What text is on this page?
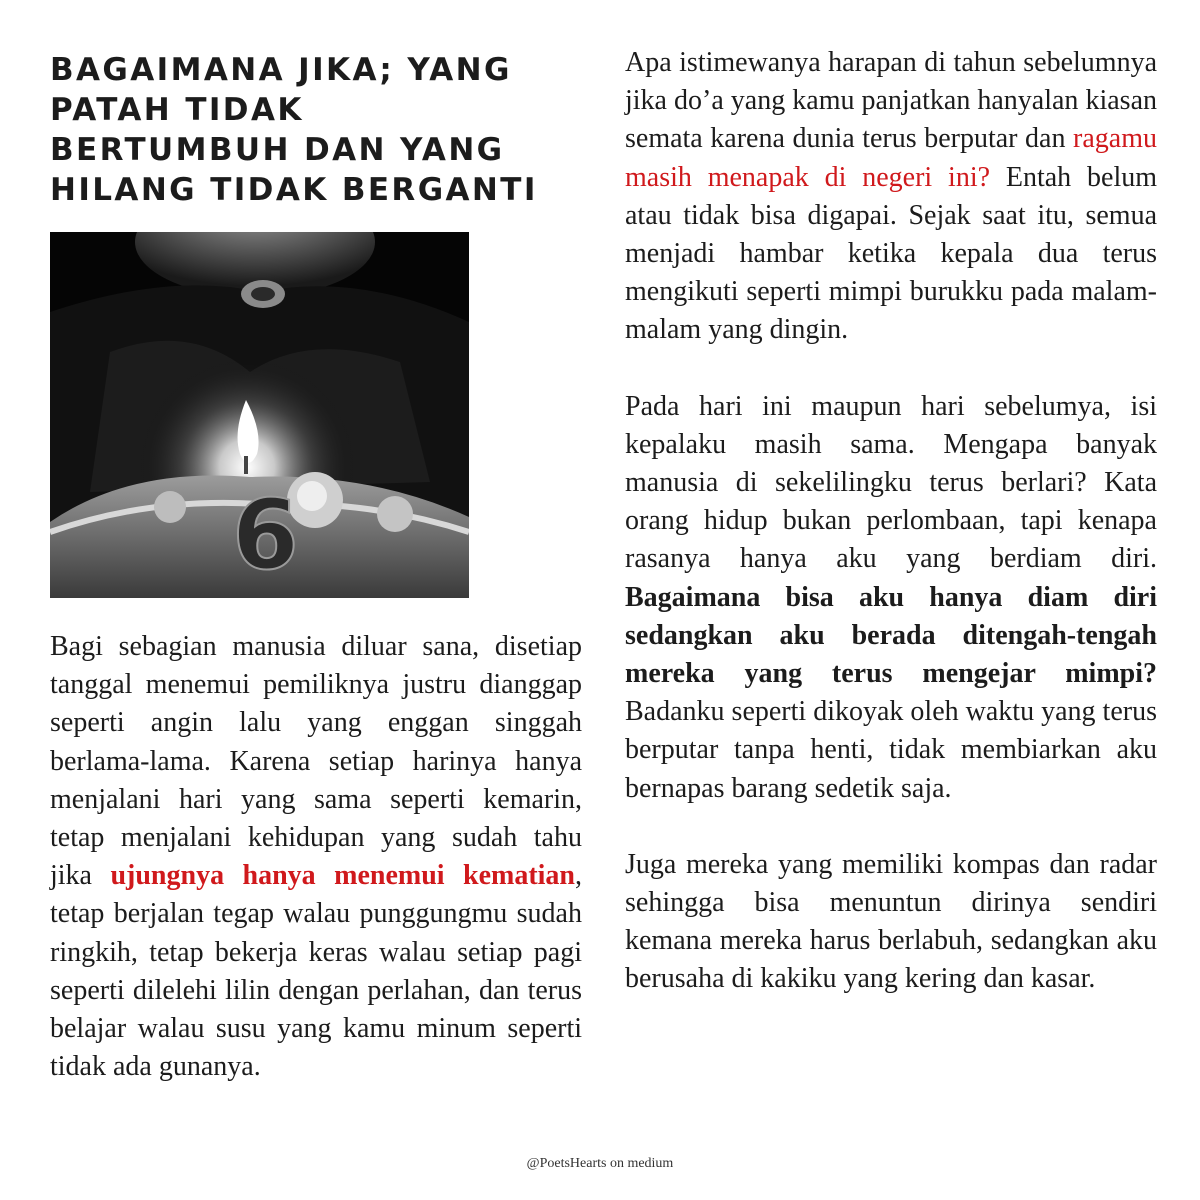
BAGAIMANA JIKA; YANG PATAH TIDAK BERTUMBUH DAN YANG HILANG TIDAK BERGANTI
6

Bagi sebagian manusia diluar sana, disetiap tanggal menemui pemiliknya justru dianggap seperti angin lalu yang enggan singgah berlama-lama. Karena setiap harinya hanya menjalani hari yang sama seperti kemarin, tetap menjalani kehidupan yang sudah tahu jika ujungnya hanya menemui kematian, tetap berjalan tegap walau punggungmu sudah ringkih, tetap bekerja keras walau setiap pagi seperti dilelehi lilin dengan perlahan, dan terus belajar walau susu yang kamu minum seperti tidak ada gunanya.

Apa istimewanya harapan di tahun sebelumnya jika do’a yang kamu panjatkan hanyalan kiasan semata karena dunia terus berputar dan ragamu masih menapak di negeri ini? Entah belum atau tidak bisa digapai. Sejak saat itu, semua menjadi hambar ketika kepala dua terus mengikuti seperti mimpi burukku pada malam-malam yang dingin.

Pada hari ini maupun hari sebelumya, isi kepalaku masih sama. Mengapa banyak manusia di sekelilingku terus berlari? Kata orang hidup bukan perlombaan, tapi kenapa rasanya hanya aku yang berdiam diri. Bagaimana bisa aku hanya diam diri sedangkan aku berada ditengah-tengah mereka yang terus mengejar mimpi? Badanku seperti dikoyak oleh waktu yang terus berputar tanpa henti, tidak membiarkan aku bernapas barang sedetik saja.

Juga mereka yang memiliki kompas dan radar sehingga bisa menuntun dirinya sendiri kemana mereka harus berlabuh, sedangkan aku berusaha di kakiku yang kering dan kasar.

@PoetsHearts on medium
